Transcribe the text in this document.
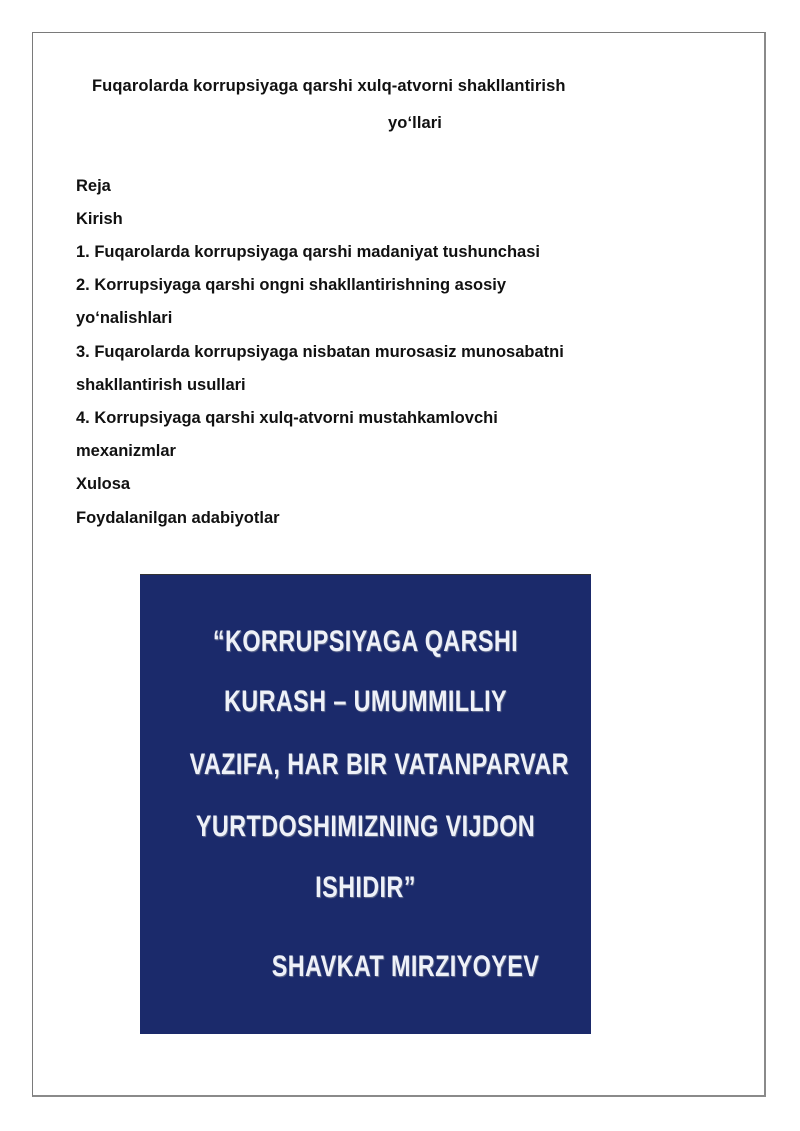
Fuqarolarda korrupsiyaga qarshi xulq-atvorni shakllantirish
yo‘llari
Reja
Kirish
1. Fuqarolarda korrupsiyaga qarshi madaniyat tushunchasi
2. Korrupsiyaga qarshi ongni shakllantirishning asosiy
yo‘nalishlari
3. Fuqarolarda korrupsiyaga nisbatan murosasiz munosabatni
shakllantirish usullari
4. Korrupsiyaga qarshi xulq-atvorni mustahkamlovchi
mexanizmlar
Xulosa
Foydalanilgan adabiyotlar
“KORRUPSIYAGA QARSHI
KURASH – UMUMMILLIY
VAZIFA, HAR BIR VATANPARVAR
YURTDOSHIMIZNING VIJDON
ISHIDIR”
SHAVKAT MIRZIYOYEV
